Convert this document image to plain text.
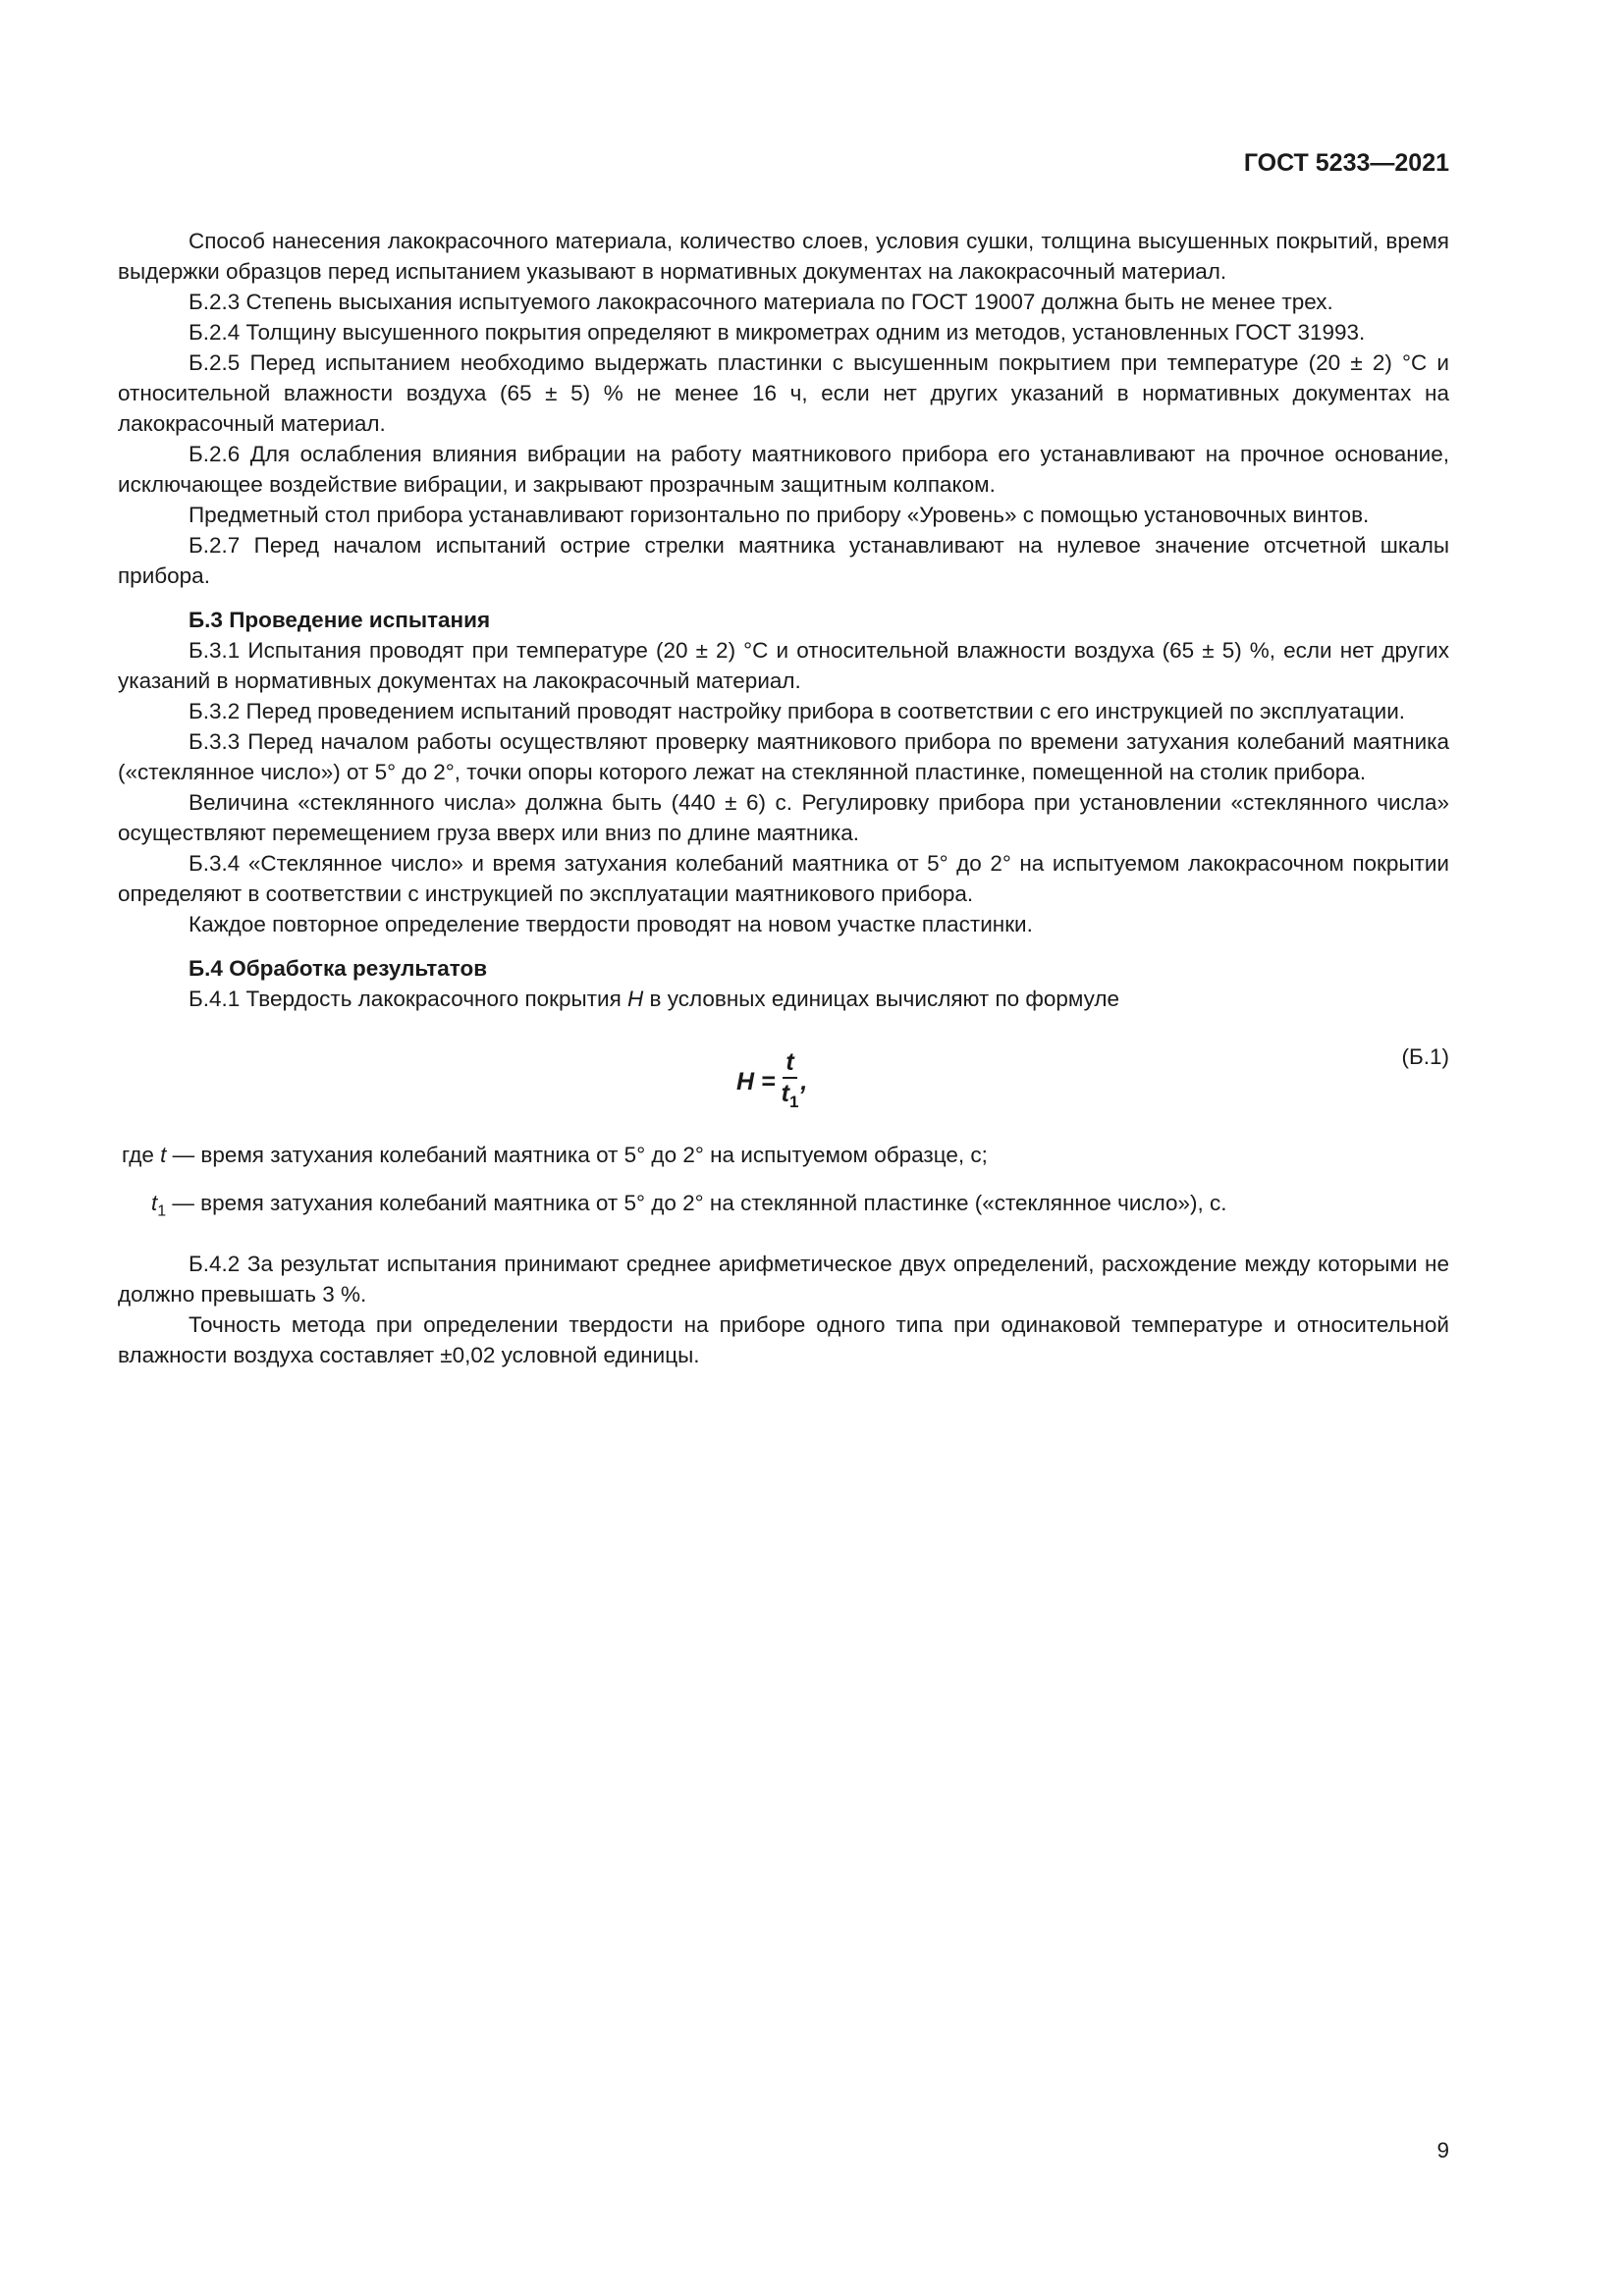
ГОСТ 5233—2021

Способ нанесения лакокрасочного материала, количество слоев, условия сушки, толщина высушенных покрытий, время выдержки образцов перед испытанием указывают в нормативных документах на лакокрасочный материал.

Б.2.3 Степень высыхания испытуемого лакокрасочного материала по ГОСТ 19007 должна быть не менее трех.

Б.2.4 Толщину высушенного покрытия определяют в микрометрах одним из методов, установленных ГОСТ 31993.

Б.2.5 Перед испытанием необходимо выдержать пластинки с высушенным покрытием при температуре (20 ± 2) °С и относительной влажности воздуха (65 ± 5) % не менее 16 ч, если нет других указаний в нормативных документах на лакокрасочный материал.

Б.2.6 Для ослабления влияния вибрации на работу маятникового прибора его устанавливают на прочное основание, исключающее воздействие вибрации, и закрывают прозрачным защитным колпаком.

Предметный стол прибора устанавливают горизонтально по прибору «Уровень» с помощью установочных винтов.

Б.2.7 Перед началом испытаний острие стрелки маятника устанавливают на нулевое значение отсчетной шкалы прибора.

Б.3 Проведение испытания

Б.3.1 Испытания проводят при температуре (20 ± 2) °С и относительной влажности воздуха (65 ± 5) %, если нет других указаний в нормативных документах на лакокрасочный материал.

Б.3.2 Перед проведением испытаний проводят настройку прибора в соответствии с его инструкцией по эксплуатации.

Б.3.3 Перед началом работы осуществляют проверку маятникового прибора по времени затухания колебаний маятника («стеклянное число») от 5° до 2°, точки опоры которого лежат на стеклянной пластинке, помещенной на столик прибора.

Величина «стеклянного числа» должна быть (440 ± 6) с. Регулировку прибора при установлении «стеклянного числа» осуществляют перемещением груза вверх или вниз по длине маятника.

Б.3.4 «Стеклянное число» и время затухания колебаний маятника от 5° до 2° на испытуемом лакокрасочном покрытии определяют в соответствии с инструкцией по эксплуатации маятникового прибора.

Каждое повторное определение твердости проводят на новом участке пластинки.

Б.4 Обработка результатов

Б.4.1 Твердость лакокрасочного покрытия H в условных единицах вычисляют по формуле

$H = \frac{t}{t_1}$ ,
(Б.1)
где t — время затухания колебаний маятника от 5° до 2° на испытуемом образце, с;
$t_1$ — время затухания колебаний маятника от 5° до 2° на стеклянной пластинке («стеклянное число»), с.

Б.4.2 За результат испытания принимают среднее арифметическое двух определений, расхождение между которыми не должно превышать 3 %.

Точность метода при определении твердости на приборе одного типа при одинаковой температуре и относительной влажности воздуха составляет ±0,02 условной единицы.

9
